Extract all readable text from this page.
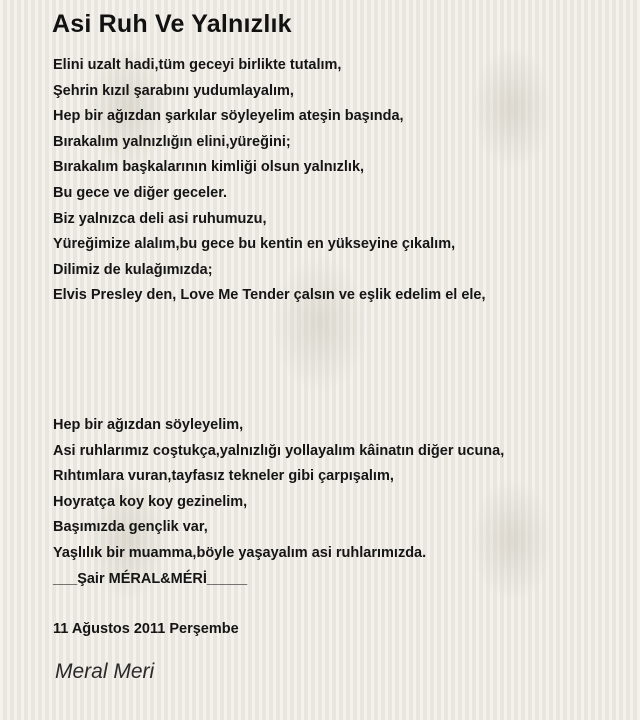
Asi Ruh Ve Yalnızlık
Elini uzalt hadi,tüm geceyi birlikte tutalım,
Şehrin kızıl şarabını yudumlayalım,
Hep bir ağızdan şarkılar söyleyelim ateşin başında,
Bırakalım yalnızlığın elini,yüreğini;
Bırakalım başkalarının kimliği olsun yalnızlık,
Bu gece ve diğer geceler.
Biz yalnızca deli asi ruhumuzu,
Yüreğimize alalım,bu gece bu kentin en yükseyine çıkalım,
Dilimiz de kulağımızda;
Elvis Presley den, Love Me Tender çalsın ve eşlik edelim el ele,
Hep bir ağızdan söyleyelim,
Asi ruhlarımız coştukça,yalnızlığı yollayalım kâinatın diğer ucuna,
Rıhtımlara vuran,tayfasız tekneler gibi çarpışalım,
Hoyratça koy koy gezinelim,
Başımızda gençlik var,
Yaşlılık bir muamma,böyle yaşayalım asi ruhlarımızda.
___Şair MÉRAL&MÉRİ_____
11 Ağustos 2011 Perşembe
Meral Meri
